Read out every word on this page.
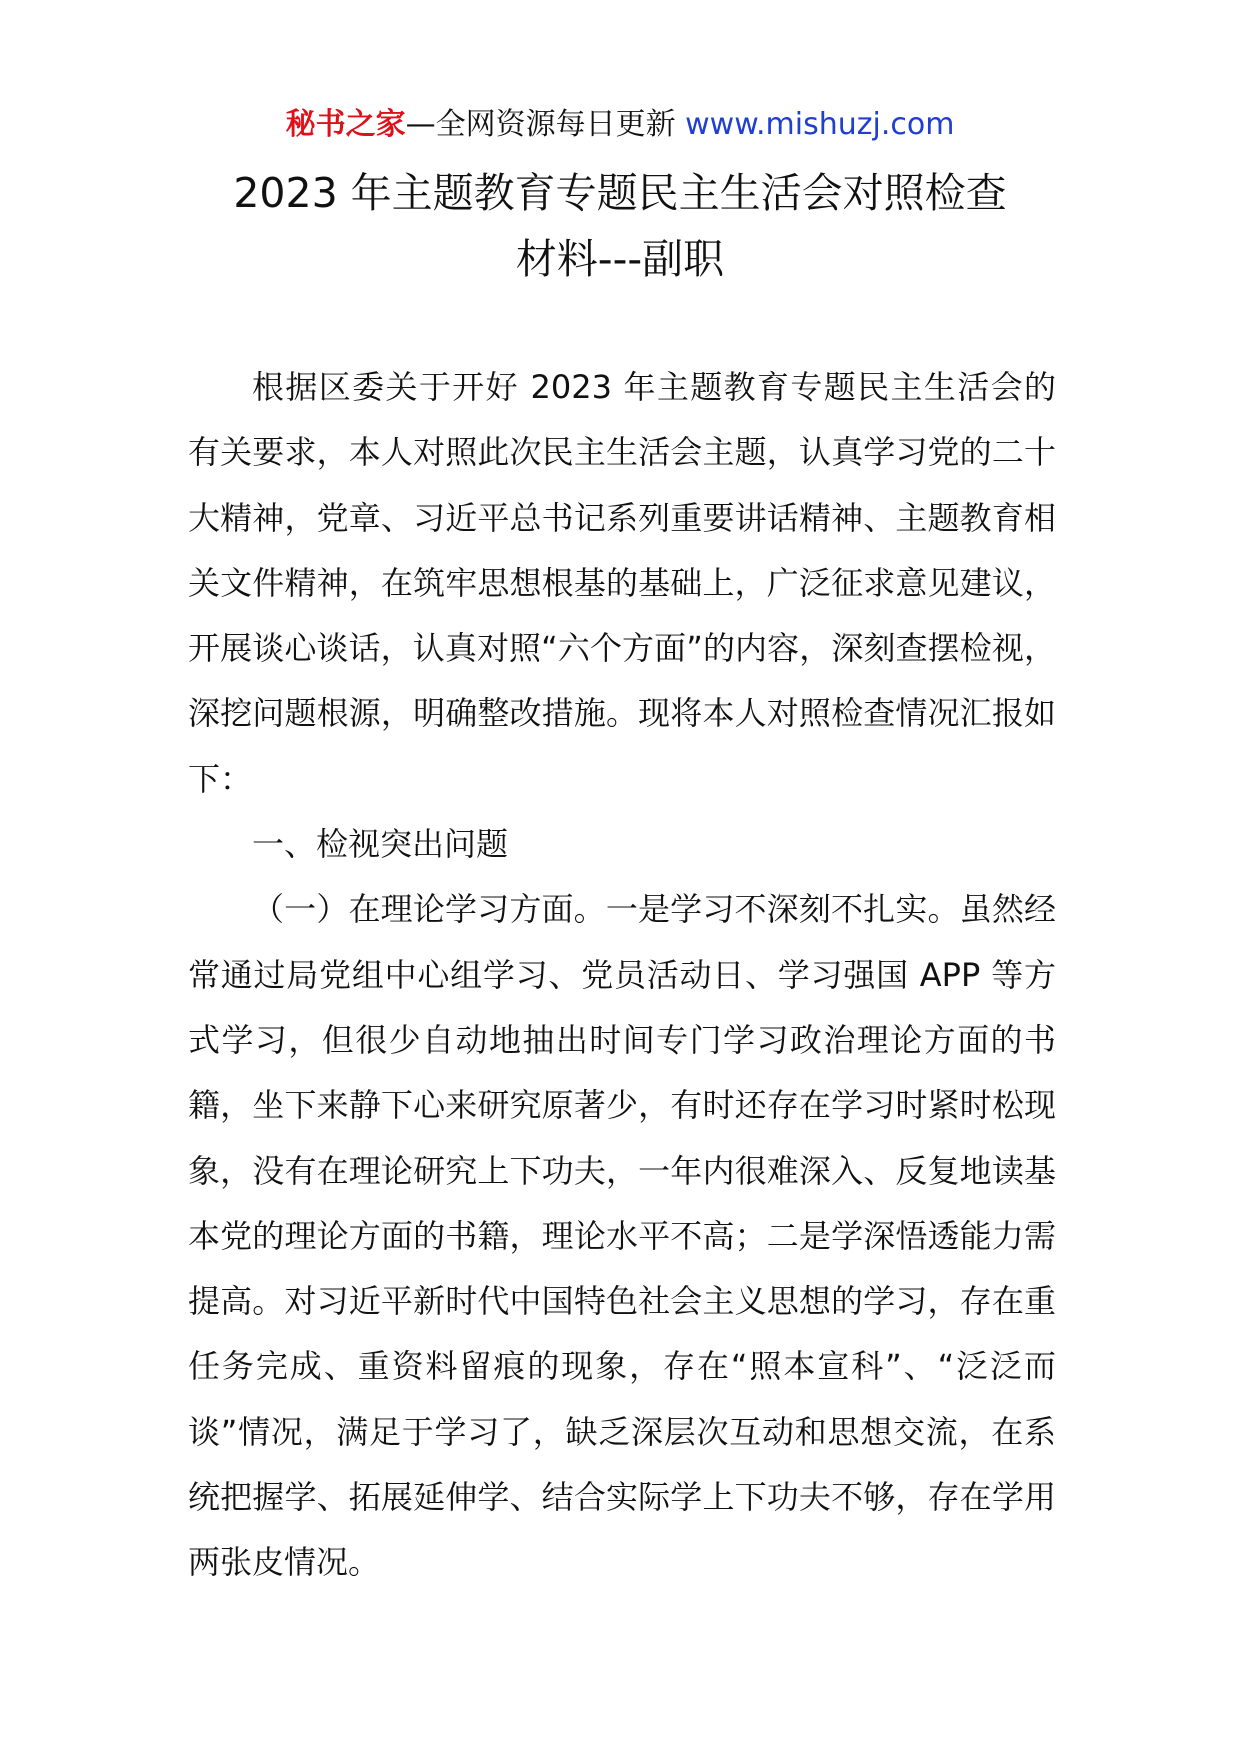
秘书之家—全网资源每日更新 www.mishuzj.com
2023 年主题教育专题民主生活会对照检查
材料---副职

根据区委关于开好 2023 年主题教育专题民主生活会的有关要求，本人对照此次民主生活会主题，认真学习党的二十大精神，党章、习近平总书记系列重要讲话精神、主题教育相关文件精神，在筑牢思想根基的基础上，广泛征求意见建议，开展谈心谈话，认真对照“六个方面”的内容，深刻查摆检视，深挖问题根源，明确整改措施。现将本人对照检查情况汇报如下：

一、检视突出问题

（一）在理论学习方面。一是学习不深刻不扎实。虽然经常通过局党组中心组学习、党员活动日、学习强国 APP 等方式学习，但很少自动地抽出时间专门学习政治理论方面的书籍，坐下来静下心来研究原著少，有时还存在学习时紧时松现象，没有在理论研究上下功夫，一年内很难深入、反复地读基本党的理论方面的书籍，理论水平不高；二是学深悟透能力需提高。对习近平新时代中国特色社会主义思想的学习，存在重任务完成、重资料留痕的现象，存在“照本宣科”、“泛泛而谈”情况，满足于学习了，缺乏深层次互动和思想交流，在系统把握学、拓展延伸学、结合实际学上下功夫不够，存在学用两张皮情况。
